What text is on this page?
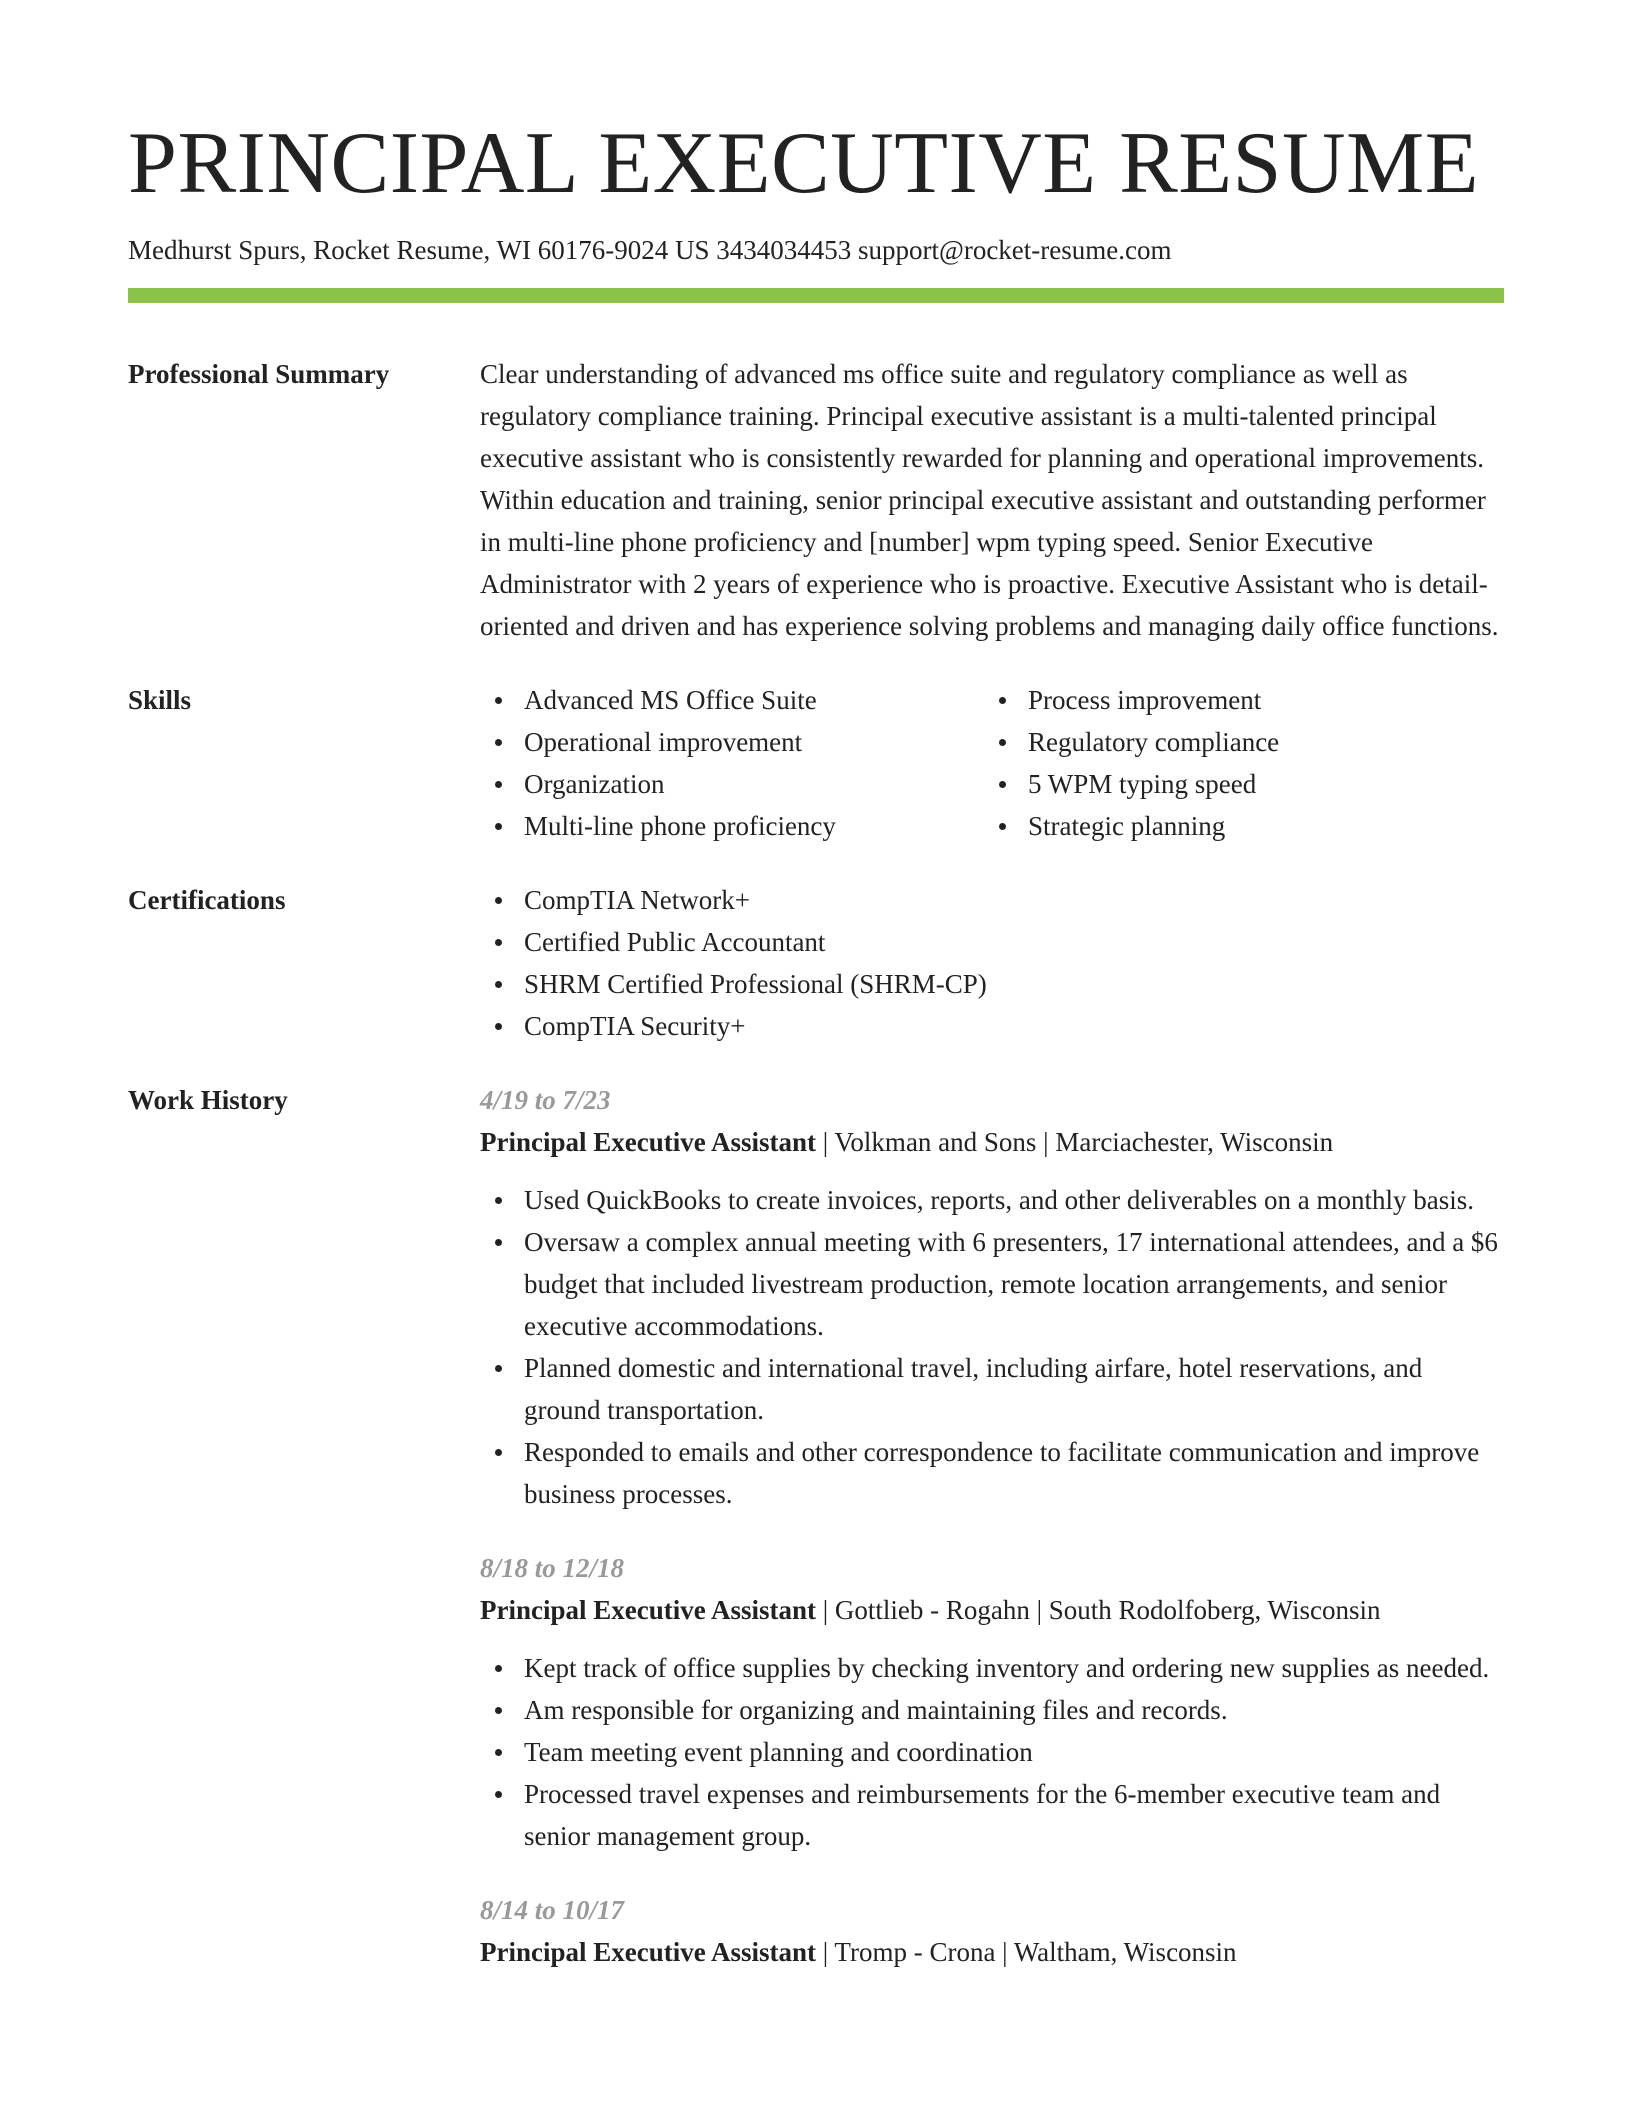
PRINCIPAL EXECUTIVE RESUME
Medhurst Spurs, Rocket Resume, WI 60176-9024 US 3434034453 support@rocket-resume.com
Professional Summary	Clear understanding of advanced ms office suite and regulatory compliance as well as regulatory compliance training. Principal executive assistant is a multi-talented principal executive assistant who is consistently rewarded for planning and operational improvements. Within education and training, senior principal executive assistant and outstanding performer in multi-line phone proficiency and [number] wpm typing speed. Senior Executive Administrator with 2 years of experience who is proactive. Executive Assistant who is detail-oriented and driven and has experience solving problems and managing daily office functions.
Skills	Advanced MS Office Suite
Operational improvement
Organization
Multi-line phone proficiency
Process improvement
Regulatory compliance
5 WPM typing speed
Strategic planning
Certifications	CompTIA Network+
Certified Public Accountant
SHRM Certified Professional (SHRM-CP)
CompTIA Security+
Work History	4/19 to 7/23
Principal Executive Assistant | Volkman and Sons | Marciachester, Wisconsin
Used QuickBooks to create invoices, reports, and other deliverables on a monthly basis.
Oversaw a complex annual meeting with 6 presenters, 17 international attendees, and a $6 budget that included livestream production, remote location arrangements, and senior executive accommodations.
Planned domestic and international travel, including airfare, hotel reservations, and ground transportation.
Responded to emails and other correspondence to facilitate communication and improve business processes.
8/18 to 12/18
Principal Executive Assistant | Gottlieb - Rogahn | South Rodolfoberg, Wisconsin
Kept track of office supplies by checking inventory and ordering new supplies as needed.
Am responsible for organizing and maintaining files and records.
Team meeting event planning and coordination
Processed travel expenses and reimbursements for the 6-member executive team and senior management group.
8/14 to 10/17
Principal Executive Assistant | Tromp - Crona | Waltham, Wisconsin
